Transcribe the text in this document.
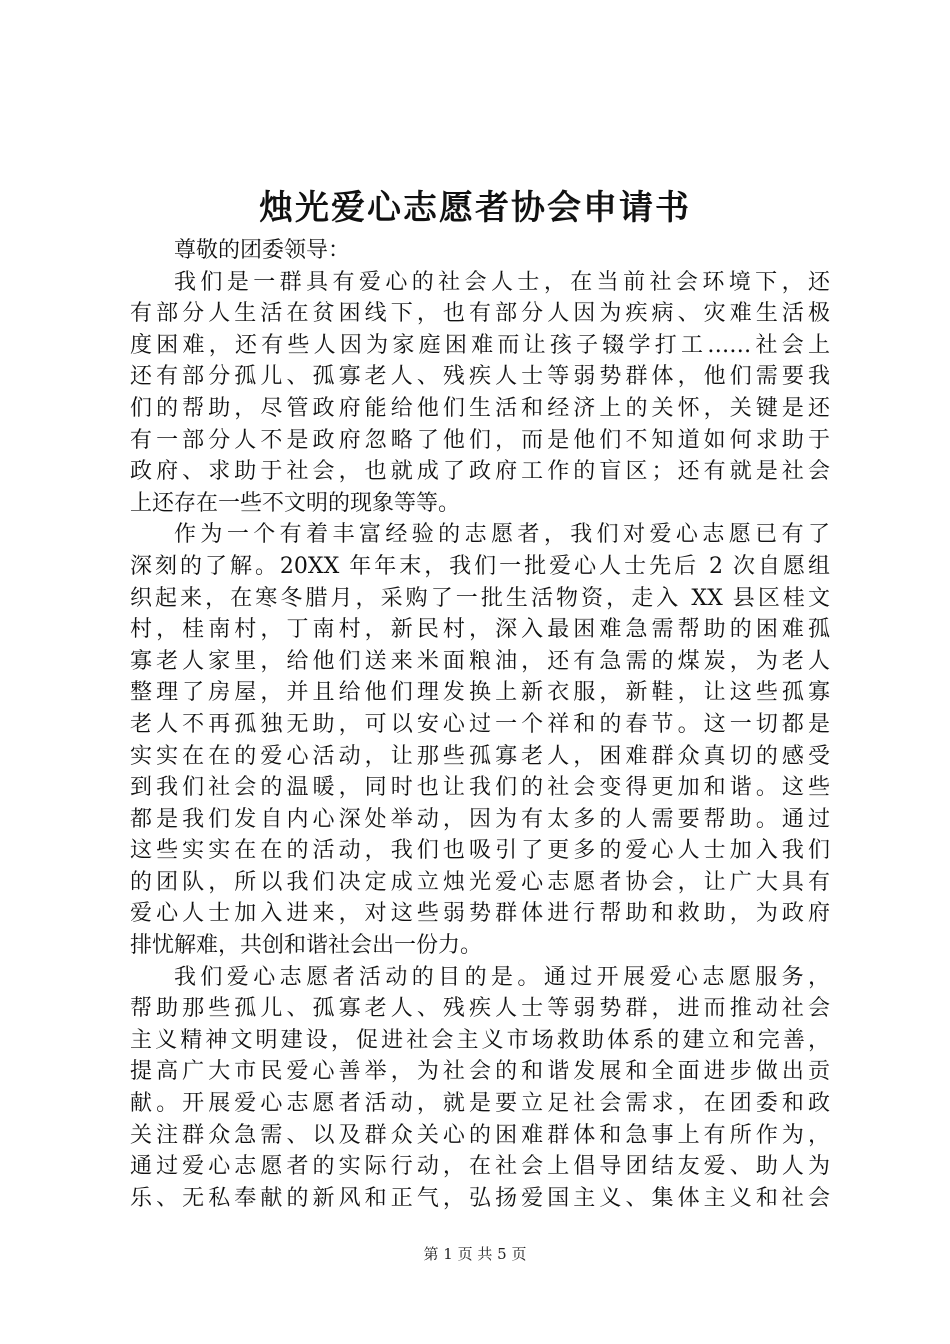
烛光爱心志愿者协会申请书

尊敬的团委领导：

我们是一群具有爱心的社会人士，在当前社会环境下，还
有部分人生活在贫困线下，也有部分人因为疾病、灾难生活极
度困难，还有些人因为家庭困难而让孩子辍学打工……社会上
还有部分孤儿、孤寡老人、残疾人士等弱势群体，他们需要我
们的帮助，尽管政府能给他们生活和经济上的关怀，关键是还
有一部分人不是政府忽略了他们，而是他们不知道如何求助于
政府、求助于社会，也就成了政府工作的盲区；还有就是社会
上还存在一些不文明的现象等等。
作为一个有着丰富经验的志愿者，我们对爱心志愿已有了
深刻的了解。20XX 年年末，我们一批爱心人士先后 2 次自愿组
织起来，在寒冬腊月，采购了一批生活物资，走入 XX 县区桂文
村，桂南村，丁南村，新民村，深入最困难急需帮助的困难孤
寡老人家里，给他们送来米面粮油，还有急需的煤炭，为老人
整理了房屋，并且给他们理发换上新衣服，新鞋，让这些孤寡
老人不再孤独无助，可以安心过一个祥和的春节。这一切都是
实实在在的爱心活动，让那些孤寡老人，困难群众真切的感受
到我们社会的温暖，同时也让我们的社会变得更加和谐。这些
都是我们发自内心深处举动，因为有太多的人需要帮助。通过
这些实实在在的活动，我们也吸引了更多的爱心人士加入我们
的团队，所以我们决定成立烛光爱心志愿者协会，让广大具有
爱心人士加入进来，对这些弱势群体进行帮助和救助，为政府
排忧解难，共创和谐社会出一份力。
我们爱心志愿者活动的目的是。通过开展爱心志愿服务，
帮助那些孤儿、孤寡老人、残疾人士等弱势群，进而推动社会
主义精神文明建设，促进社会主义市场救助体系的建立和完善，
提高广大市民爱心善举，为社会的和谐发展和全面进步做出贡
献。开展爱心志愿者活动，就是要立足社会需求，在团委和政
关注群众急需、以及群众关心的困难群体和急事上有所作为，
通过爱心志愿者的实际行动，在社会上倡导团结友爱、助人为
乐、无私奉献的新风和正气，弘扬爱国主义、集体主义和社会
第 1 页 共 5 页
